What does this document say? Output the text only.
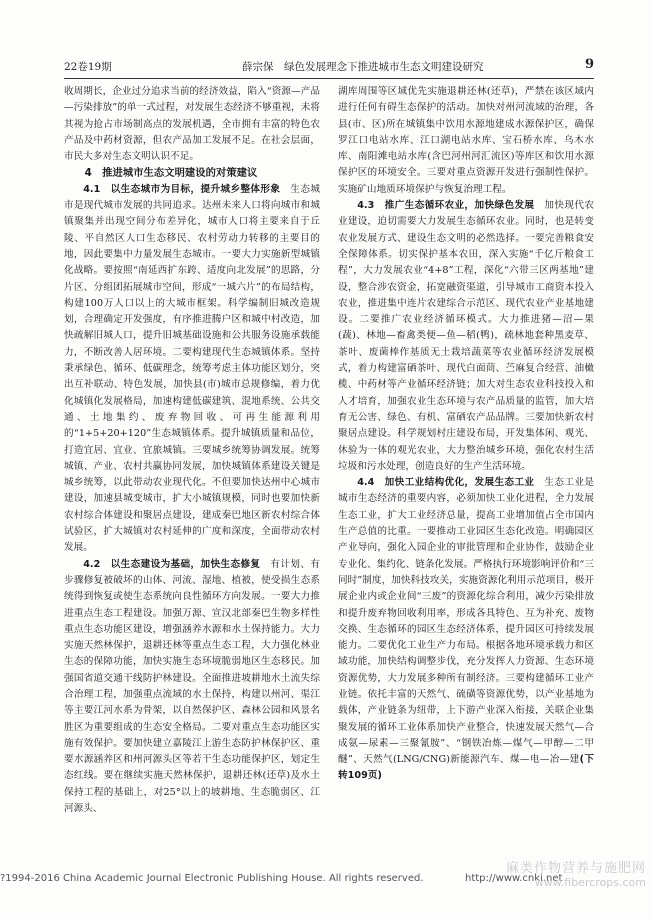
22卷19期	薛宗保　绿色发展理念下推进城市生态文明建设研究	9

收周期长，企业过分追求当前的经济效益，陷入“资源—产品—污染排放”的单一式过程，对发展生态经济不够重视，未将其视为抢占市场制高点的发展机遇，全市拥有丰富的特色农产品及中药材资源，但农产品加工发展不足。在社会层面，市民大多对生态文明认识不足。

4　推进城市生态文明建设的对策建议

4.1　以生态城市为目标，提升城乡整体形象　 生态城市是现代城市发展的共同追求。达州未来人口将向城市和城镇聚集并出现空间分布差异化，城市人口将主要来自于丘陵、平自然区人口生态移民、农村劳动力转移的主要目的地，因此要集中力量发展生态城市。一要大力实施新型城镇化战略。要按照“南延西扩东跨、适度向北发展”的思路，分片区、分组团拓展城市空间，形成“一城六片”的布局结构，构建100万人口以上的大城市框架。科学编制旧城改造规划，合理确定开发强度，有序推进腾户区和城中村改造，加快疏解旧城人口，提升旧城基础设施和公共服务设施承载能力，不断改善人居环境。二要构建现代生态城镇体系。坚持秉承绿色、循环、低碳理念，统筹考虑主体功能区划分，突出互补联动、特色发展，加快县(市)城市总规修编，着力优化城镇化发展格局，加速构建低碳建筑、混地系统、公共交通、土地集约、废弃物回收、可再生能源利用的“1+5+20+120”生态城镇体系。提升城镇质量和品位，打造宜居、宜业、宜旅城镇。三要城乡统筹协调发展。统筹城镇、产业、农村共赢协同发展，加快城镇体系建设关键是城乡统筹，以此带动农业现代化。不但要加快达州中心城市建设，加速县城变城市，扩大小城镇规模，同时也要加快新农村综合体建设和聚居点建设，建成秦巴地区新农村综合体试验区，扩大城镇对农村延伸的广度和深度，全面带动农村发展。

4.2　以生态建设为基础，加快生态修复　 有计划、有步骤修复被破坏的山体、河流、湿地、植被，使受损生态系统得到恢复或使生态系统向良性循环方向发展。一要大力推进重点生态工程建设。加强万源、宣汉北部秦巴生物多样性重点生态功能区建设，增强涵养水源和水土保持能力。大力实施天然林保护，退耕还林等重点生态工程，大力强化林业生态的保障功能，加快实施生态环境脆弱地区生态移民。加强国省道交通干线防护林建设。全面推进坡耕地水土流失综合治理工程，加强重点流域的水土保持，构建以州河、渠江等主要江河水系为骨架，以自然保护区、森林公园和风景名胜区为重要组成的生态安全格局。二要对重点生态功能区实施有效保护。要加快建立嘉陵江上游生态防护林保护区、重要水源涵养区和州河源头区等若干生态功能保护区，划定生态红线。要在继续实施天然林保护，退耕还林(还草)及水土保持工程的基础上，对25°以上的坡耕地、生态脆弱区、江河源头、

湖库周围等区域优先实施退耕还林(还草)，严禁在该区域内进行任何有碍生态保护的活动。加快对州河流域的治理，各县(市、区)所在城镇集中饮用水源地建成水源保护区，确保罗江口电站水库、江口湖电站水库、宝石桥水库、乌木水库、南阳滩电站水库(含巴河州河汇流区)等库区和饮用水源保护区的环境安全。三要对重点资源开发进行强制性保护。实施矿山地质环境保护与恢复治理工程。

4.3　推广生态循环农业，加快绿色发展　 加快现代农业建设，迫切需要大力发展生态循环农业。同时，也是转变农业发展方式、建设生态文明的必然选择。一要完善粮食安全保障体系。切实保护基本农田，深入实施“千亿斤粮食工程”，大力发展农业“4+8”工程，深化“六带三区两基地”建设，整合涉农资金，拓宽融资渠道，引导城市工商资本投入农业，推进集中连片农建综合示范区、现代农业产业基地建设。二要推广农业经济循环模式。大力推进猪—沼—果(蔬)、林地—畜禽类便—鱼—稻(鸭)，疏林地套种黑麦草、茶叶、废菌棒作基质无土栽培蔬菜等农业循环经济发展模式，着力构建富硒茶叶、现代白面茼、苎麻复合经营、油橄榄、中药材等产业循环经济链；加大对生态农业科技投入和人才培育，加强农业生态环境与农产品质量的监管，加大培育无公害、绿色、有机、富硒农产品品牌。三要加快新农村聚居点建设。科学规划村庄建设布局，开发集体闲、观光、休验为一体的观光农业，大力整治城乡环境，强化农村生活垃圾和污水处理，创造良好的生产生活环境。

4.4　加快工业结构优化，发展生态工业　 生态工业是城市生态经济的重要内容，必须加快工业化进程，全力发展生态工业，扩大工业经济总量，提高工业增加值占全市国内生产总值的比重。一要推动工业园区生态化改造。明确园区产业导向，强化入园企业的审批管理和企业协作，鼓励企业专业化、集约化、链条化发展。严格执行环境影响评价和“三同时”制度，加快科技攻关，实施资源化利用示范项目，极开展企业内或企业间“三废”的资源化综合利用，减少污染排放和提升废弃物回收利用率，形成各具特色、互为补充、废物交换、生态循环的园区生态经济体系，提升园区可持续发展能力。二要优化工业生产力布局。根据各地环境承载力和区域功能，加快结构调整步伐，充分发挥人力资源、生态环境资源优势，大力发展多种所有制经济。三要构建循环工业产业链。依托丰富的天然气、硫磺等资源优势，以产业基地为载体，产业链条为纽带，上下游产业深入衔接，关联企业集聚发展的循环工业体系加快产业整合，快速发展天然气—合成氨—尿素—三聚氰胺”、“钢铁冶炼—煤气—甲醇—二甲醚”、天然气(LNG/CNG)新能源汽车、煤—电—冶—建(下转109页)

?1994-2016 China Academic Journal Electronic Publishing House. All rights reserved.	http://www.cnki.net
麻类作物营养与施肥网
www.fibercrops.com
